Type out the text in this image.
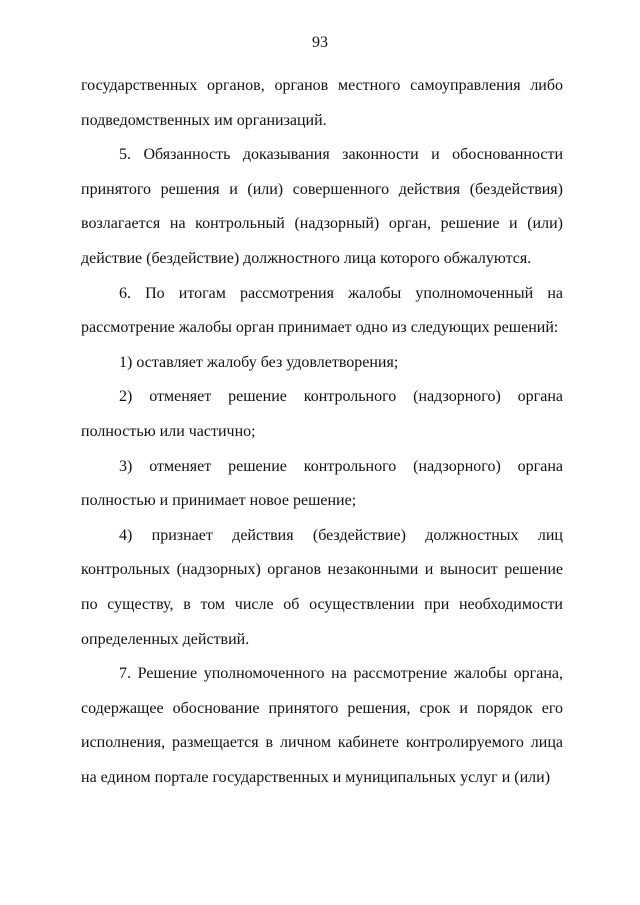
93

государственных органов, органов местного самоуправления либо подведомственных им организаций.

5. Обязанность доказывания законности и обоснованности принятого решения и (или) совершенного действия (бездействия) возлагается на контрольный (надзорный) орган, решение и (или) действие (бездействие) должностного лица которого обжалуются.

6. По итогам рассмотрения жалобы уполномоченный на рассмотрение жалобы орган принимает одно из следующих решений:

1) оставляет жалобу без удовлетворения;

2) отменяет решение контрольного (надзорного) органа полностью или частично;

3) отменяет решение контрольного (надзорного) органа полностью и принимает новое решение;

4) признает действия (бездействие) должностных лиц контрольных (надзорных) органов незаконными и выносит решение по существу, в том числе об осуществлении при необходимости определенных действий.

7. Решение уполномоченного на рассмотрение жалобы органа, содержащее обоснование принятого решения, срок и порядок его исполнения, размещается в личном кабинете контролируемого лица на едином портале государственных и муниципальных услуг и (или)
